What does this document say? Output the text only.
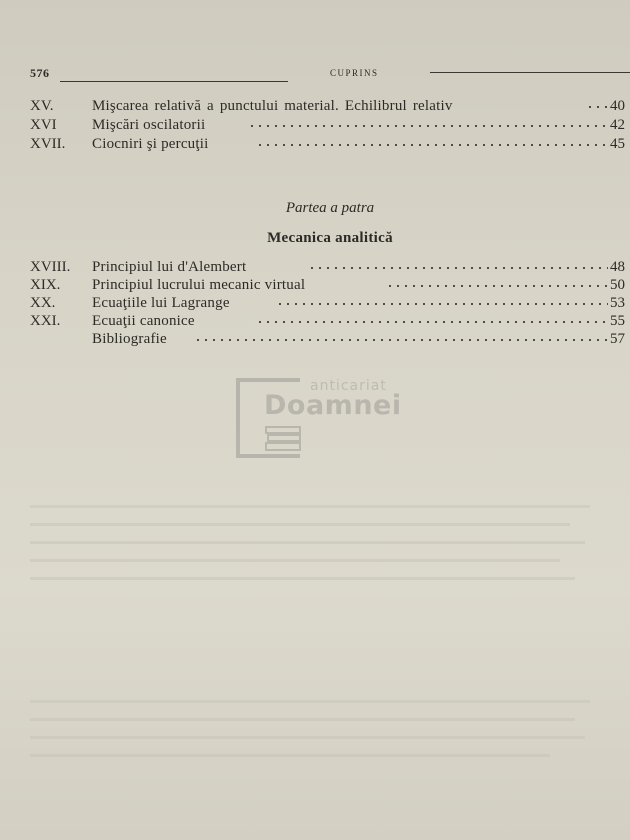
576	CUPRINS
XV.	Mişcarea relativă a punctului material. Echilibrul relativ	40
XVI Mişcări oscilatorii	42
XVII. Ciocniri şi percuţii	45
Partea a patra
Mecanica analitică
XVIII. Principiul lui d'Alembert	48
XIX. Principiul lucrului mecanic virtual	50
XX. Ecuaţiile lui Lagrange	53
XXI. Ecuaţii canonice	55
Bibliografie	57
anticariat
Doamnei
